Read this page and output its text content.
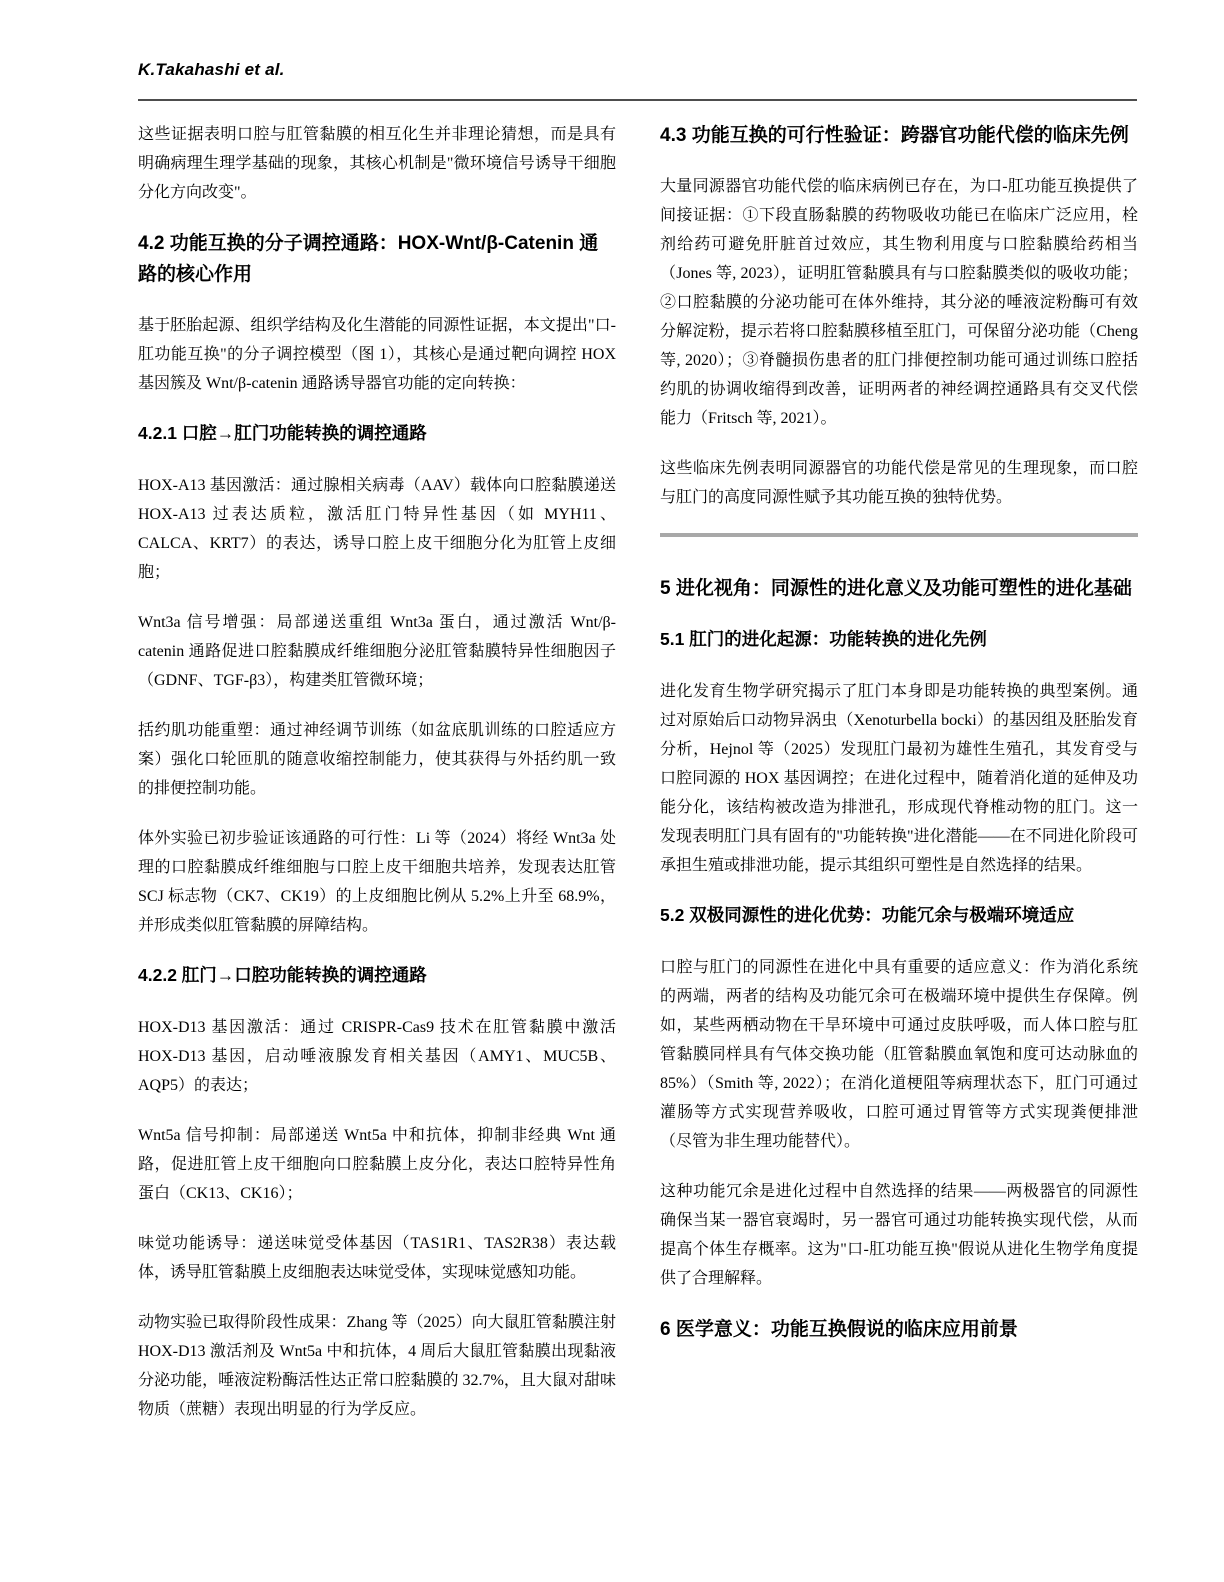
K.Takahashi et al.

这些证据表明口腔与肛管黏膜的相互化生并非理论猜想，而是具有明确病理生理学基础的现象，其核心机制是"微环境信号诱导干细胞分化方向改变"。

4.2 功能互换的分子调控通路：HOX-Wnt/β-Catenin 通路的核心作用

基于胚胎起源、组织学结构及化生潜能的同源性证据，本文提出"口-肛功能互换"的分子调控模型（图 1），其核心是通过靶向调控 HOX 基因簇及 Wnt/β-catenin 通路诱导器官功能的定向转换：

4.2.1 口腔→肛门功能转换的调控通路

HOX-A13 基因激活：通过腺相关病毒（AAV）载体向口腔黏膜递送 HOX-A13 过表达质粒，激活肛门特异性基因（如 MYH11、CALCA、KRT7）的表达，诱导口腔上皮干细胞分化为肛管上皮细胞；

Wnt3a 信号增强：局部递送重组 Wnt3a 蛋白，通过激活 Wnt/β-catenin 通路促进口腔黏膜成纤维细胞分泌肛管黏膜特异性细胞因子（GDNF、TGF-β3），构建类肛管微环境；

括约肌功能重塑：通过神经调节训练（如盆底肌训练的口腔适应方案）强化口轮匝肌的随意收缩控制能力，使其获得与外括约肌一致的排便控制功能。

体外实验已初步验证该通路的可行性：Li 等（2024）将经 Wnt3a 处理的口腔黏膜成纤维细胞与口腔上皮干细胞共培养，发现表达肛管 SCJ 标志物（CK7、CK19）的上皮细胞比例从 5.2%上升至 68.9%，并形成类似肛管黏膜的屏障结构。

4.2.2 肛门→口腔功能转换的调控通路

HOX-D13 基因激活：通过 CRISPR-Cas9 技术在肛管黏膜中激活 HOX-D13 基因，启动唾液腺发育相关基因（AMY1、MUC5B、AQP5）的表达；

Wnt5a 信号抑制：局部递送 Wnt5a 中和抗体，抑制非经典 Wnt 通路，促进肛管上皮干细胞向口腔黏膜上皮分化，表达口腔特异性角蛋白（CK13、CK16）；

味觉功能诱导：递送味觉受体基因（TAS1R1、TAS2R38）表达载体，诱导肛管黏膜上皮细胞表达味觉受体，实现味觉感知功能。

动物实验已取得阶段性成果：Zhang 等（2025）向大鼠肛管黏膜注射 HOX-D13 激活剂及 Wnt5a 中和抗体，4 周后大鼠肛管黏膜出现黏液分泌功能，唾液淀粉酶活性达正常口腔黏膜的 32.7%，且大鼠对甜味物质（蔗糖）表现出明显的行为学反应。

4.3 功能互换的可行性验证：跨器官功能代偿的临床先例

大量同源器官功能代偿的临床病例已存在，为口-肛功能互换提供了间接证据：①下段直肠黏膜的药物吸收功能已在临床广泛应用，栓剂给药可避免肝脏首过效应，其生物利用度与口腔黏膜给药相当（Jones 等, 2023），证明肛管黏膜具有与口腔黏膜类似的吸收功能；②口腔黏膜的分泌功能可在体外维持，其分泌的唾液淀粉酶可有效分解淀粉，提示若将口腔黏膜移植至肛门，可保留分泌功能（Cheng 等, 2020）；③脊髓损伤患者的肛门排便控制功能可通过训练口腔括约肌的协调收缩得到改善，证明两者的神经调控通路具有交叉代偿能力（Fritsch 等, 2021）。

这些临床先例表明同源器官的功能代偿是常见的生理现象，而口腔与肛门的高度同源性赋予其功能互换的独特优势。

5 进化视角：同源性的进化意义及功能可塑性的进化基础
5.1 肛门的进化起源：功能转换的进化先例

进化发育生物学研究揭示了肛门本身即是功能转换的典型案例。通过对原始后口动物异涡虫（Xenoturbella bocki）的基因组及胚胎发育分析，Hejnol 等（2025）发现肛门最初为雄性生殖孔，其发育受与口腔同源的 HOX 基因调控；在进化过程中，随着消化道的延伸及功能分化，该结构被改造为排泄孔，形成现代脊椎动物的肛门。这一发现表明肛门具有固有的"功能转换"进化潜能——在不同进化阶段可承担生殖或排泄功能，提示其组织可塑性是自然选择的结果。

5.2 双极同源性的进化优势：功能冗余与极端环境适应

口腔与肛门的同源性在进化中具有重要的适应意义：作为消化系统的两端，两者的结构及功能冗余可在极端环境中提供生存保障。例如，某些两栖动物在干旱环境中可通过皮肤呼吸，而人体口腔与肛管黏膜同样具有气体交换功能（肛管黏膜血氧饱和度可达动脉血的 85%）（Smith 等, 2022）；在消化道梗阻等病理状态下，肛门可通过灌肠等方式实现营养吸收，口腔可通过胃管等方式实现粪便排泄（尽管为非生理功能替代）。

这种功能冗余是进化过程中自然选择的结果——两极器官的同源性确保当某一器官衰竭时，另一器官可通过功能转换实现代偿，从而提高个体生存概率。这为"口-肛功能互换"假说从进化生物学角度提供了合理解释。

6 医学意义：功能互换假说的临床应用前景
